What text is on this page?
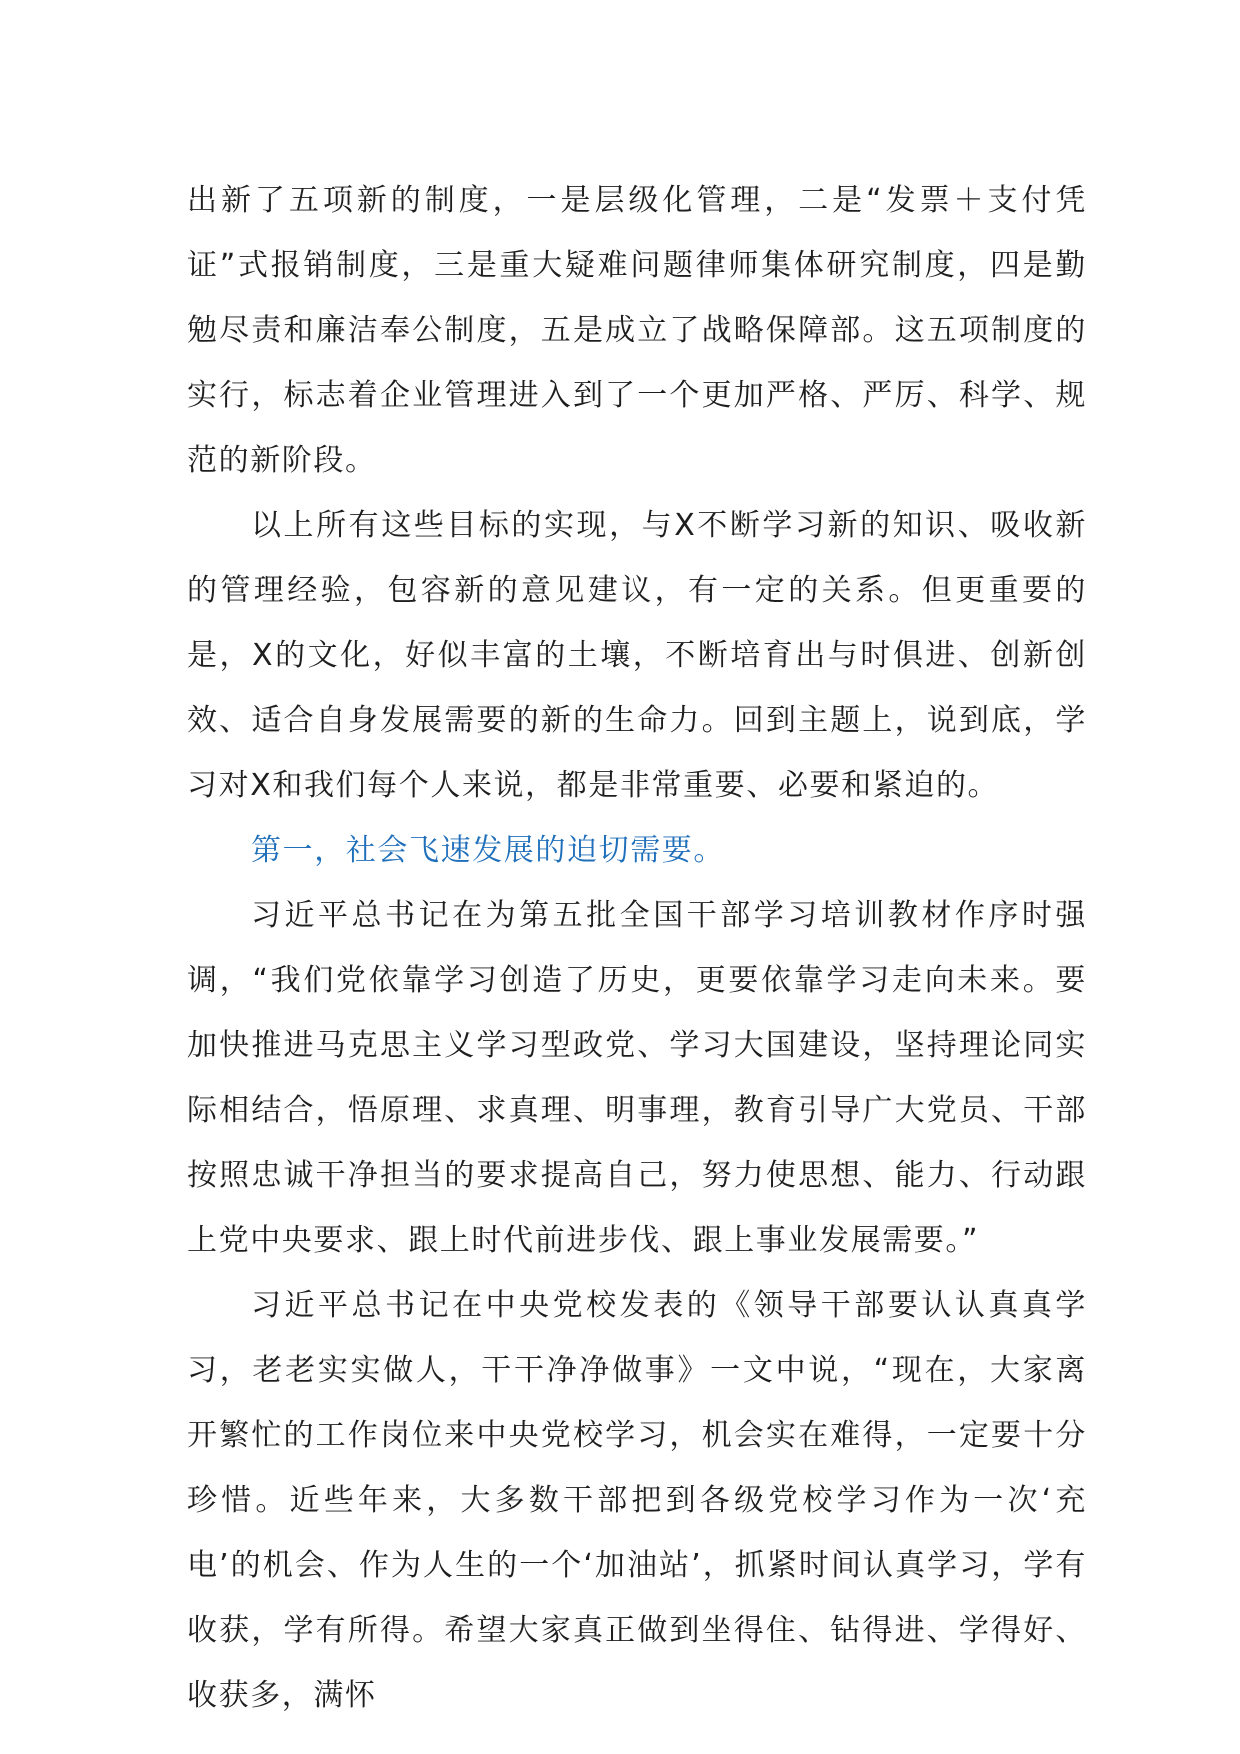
出新了五项新的制度，一是层级化管理，二是“发票＋支付凭证”式报销制度，三是重大疑难问题律师集体研究制度，四是勤勉尽责和廉洁奉公制度，五是成立了战略保障部。这五项制度的实行，标志着企业管理进入到了一个更加严格、严厉、科学、规范的新阶段。

以上所有这些目标的实现，与X不断学习新的知识、吸收新的管理经验，包容新的意见建议，有一定的关系。但更重要的是，X的文化，好似丰富的土壤，不断培育出与时俱进、创新创效、适合自身发展需要的新的生命力。回到主题上，说到底，学习对X和我们每个人来说，都是非常重要、必要和紧迫的。

第一，社会飞速发展的迫切需要。

习近平总书记在为第五批全国干部学习培训教材作序时强调，“我们党依靠学习创造了历史，更要依靠学习走向未来。要加快推进马克思主义学习型政党、学习大国建设，坚持理论同实际相结合，悟原理、求真理、明事理，教育引导广大党员、干部按照忠诚干净担当的要求提高自己，努力使思想、能力、行动跟上党中央要求、跟上时代前进步伐、跟上事业发展需要。”

习近平总书记在中央党校发表的《领导干部要认认真真学习，老老实实做人，干干净净做事》一文中说，“现在，大家离开繁忙的工作岗位来中央党校学习，机会实在难得，一定要十分珍惜。近些年来，大多数干部把到各级党校学习作为一次‘充电’的机会、作为人生的一个‘加油站’，抓紧时间认真学习，学有收获，学有所得。希望大家真正做到坐得住、钻得进、学得好、收获多，满怀
